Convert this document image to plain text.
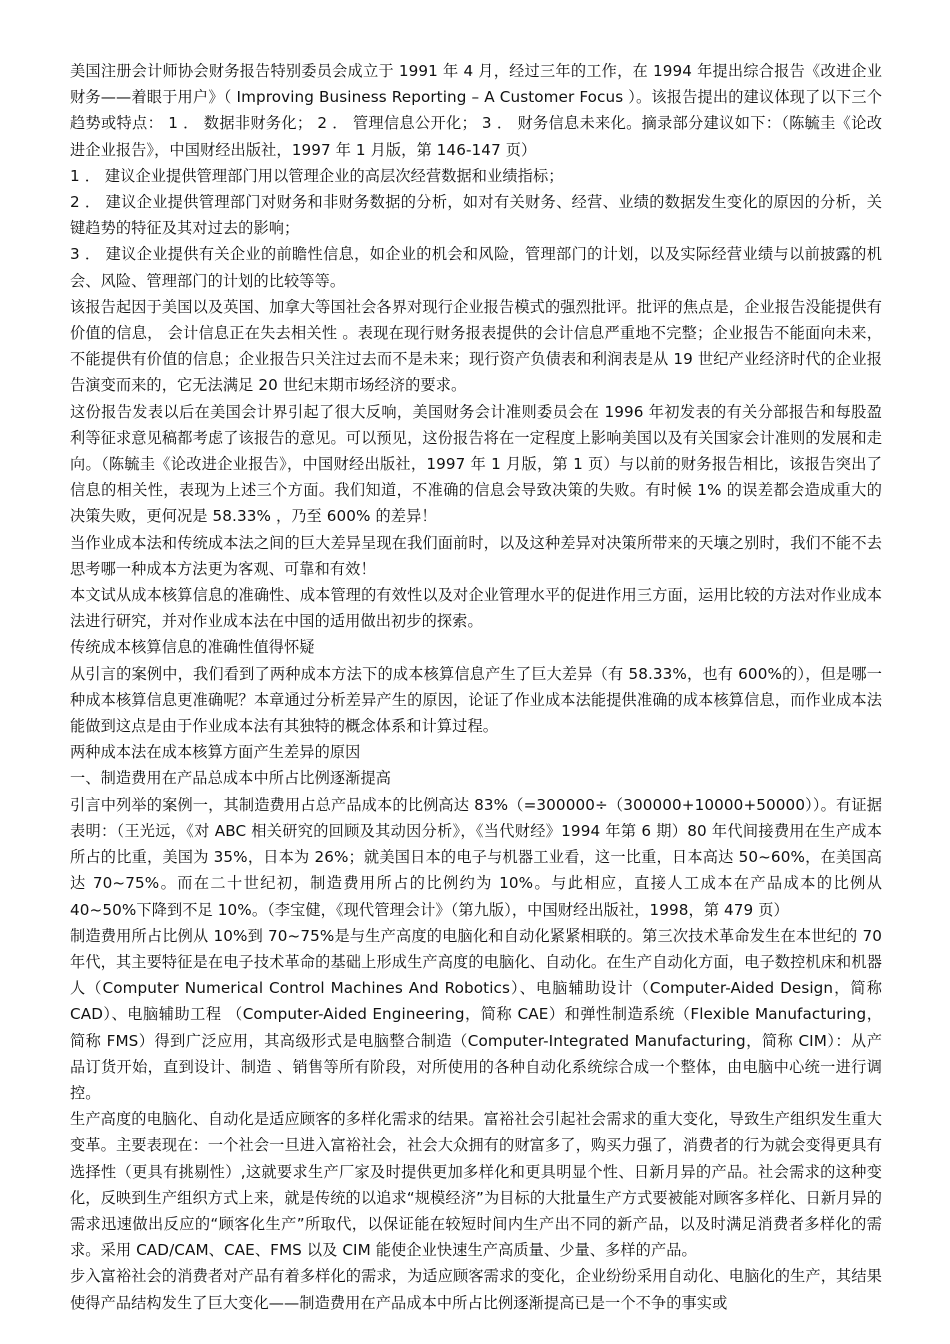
美国注册会计师协会财务报告特别委员会成立于 1991 年 4 月，经过三年的工作，在 1994 年提出综合报告《改进企业财务——着眼于用户》（ Improving Business Reporting – A Customer Focus ）。该报告提出的建议体现了以下三个趋势或特点： 1 ． 数据非财务化； 2 ． 管理信息公开化； 3 ． 财务信息未来化。摘录部分建议如下：（陈毓圭《论改进企业报告》，中国财经出版社，1997 年 1 月版，第 146-147 页）

1 ． 建议企业提供管理部门用以管理企业的高层次经营数据和业绩指标；

2 ． 建议企业提供管理部门对财务和非财务数据的分析，如对有关财务、经营、业绩的数据发生变化的原因的分析，关键趋势的特征及其对过去的影响；

3 ． 建议企业提供有关企业的前瞻性信息，如企业的机会和风险，管理部门的计划，以及实际经营业绩与以前披露的机会、风险、管理部门的计划的比较等等。

该报告起因于美国以及英国、加拿大等国社会各界对现行企业报告模式的强烈批评。批评的焦点是，企业报告没能提供有价值的信息， 会计信息正在失去相关性 。表现在现行财务报表提供的会计信息严重地不完整；企业报告不能面向未来，不能提供有价值的信息；企业报告只关注过去而不是未来；现行资产负债表和利润表是从 19 世纪产业经济时代的企业报告演变而来的，它无法满足 20 世纪末期市场经济的要求。

这份报告发表以后在美国会计界引起了很大反响，美国财务会计准则委员会在 1996 年初发表的有关分部报告和每股盈利等征求意见稿都考虑了该报告的意见。可以预见，这份报告将在一定程度上影响美国以及有关国家会计准则的发展和走向。（陈毓圭《论改进企业报告》，中国财经出版社，1997 年 1 月版，第 1 页）与以前的财务报告相比，该报告突出了信息的相关性，表现为上述三个方面。我们知道，不准确的信息会导致决策的失败。有时候 1% 的误差都会造成重大的决策失败，更何况是 58.33% ，乃至 600% 的差异！

当作业成本法和传统成本法之间的巨大差异呈现在我们面前时，以及这种差异对决策所带来的天壤之别时，我们不能不去思考哪一种成本方法更为客观、可靠和有效！

本文试从成本核算信息的准确性、成本管理的有效性以及对企业管理水平的促进作用三方面，运用比较的方法对作业成本法进行研究，并对作业成本法在中国的适用做出初步的探索。

传统成本核算信息的准确性值得怀疑

从引言的案例中，我们看到了两种成本方法下的成本核算信息产生了巨大差异（有 58.33%，也有 600%的），但是哪一种成本核算信息更准确呢？本章通过分析差异产生的原因，论证了作业成本法能提供准确的成本核算信息，而作业成本法能做到这点是由于作业成本法有其独特的概念体系和计算过程。

两种成本法在成本核算方面产生差异的原因

一、制造费用在产品总成本中所占比例逐渐提高

引言中列举的案例一，其制造费用占总产品成本的比例高达 83%（=300000÷（300000+10000+50000））。有证据表明：（王光远，《对 ABC 相关研究的回顾及其动因分析》，《当代财经》1994 年第 6 期）80 年代间接费用在生产成本所占的比重，美国为 35%，日本为 26%；就美国日本的电子与机器工业看，这一比重，日本高达 50~60%，在美国高达 70~75%。而在二十世纪初，制造费用所占的比例约为 10%。与此相应，直接人工成本在产品成本的比例从 40~50%下降到不足 10%。（李宝健，《现代管理会计》（第九版），中国财经出版社，1998，第 479 页）

制造费用所占比例从 10%到 70~75%是与生产高度的电脑化和自动化紧紧相联的。第三次技术革命发生在本世纪的 70 年代，其主要特征是在电子技术革命的基础上形成生产高度的电脑化、自动化。在生产自动化方面，电子数控机床和机器人（Computer Numerical Control Machines And Robotics）、电脑辅助设计（Computer-Aided Design，简称 CAD）、电脑辅助工程 （Computer-Aided Engineering，简称 CAE）和弹性制造系统（Flexible Manufacturing，简称 FMS）得到广泛应用，其高级形式是电脑整合制造（Computer-Integrated Manufacturing，简称 CIM）：从产品订货开始，直到设计、制造 、销售等所有阶段，对所使用的各种自动化系统综合成一个整体，由电脑中心统一进行调控。

生产高度的电脑化、自动化是适应顾客的多样化需求的结果。富裕社会引起社会需求的重大变化，导致生产组织发生重大变革。主要表现在：一个社会一旦进入富裕社会，社会大众拥有的财富多了，购买力强了，消费者的行为就会变得更具有选择性（更具有挑剔性）,这就要求生产厂家及时提供更加多样化和更具明显个性、日新月异的产品。社会需求的这种变化，反映到生产组织方式上来，就是传统的以追求“规模经济”为目标的大批量生产方式要被能对顾客多样化、日新月异的需求迅速做出反应的“顾客化生产”所取代，以保证能在较短时间内生产出不同的新产品，以及时满足消费者多样化的需求。采用 CAD/CAM、CAE、FMS 以及 CIM 能使企业快速生产高质量、少量、多样的产品。

步入富裕社会的消费者对产品有着多样化的需求，为适应顾客需求的变化，企业纷纷采用自动化、电脑化的生产，其结果使得产品结构发生了巨大变化——制造费用在产品成本中所占比例逐渐提高已是一个不争的事实或
